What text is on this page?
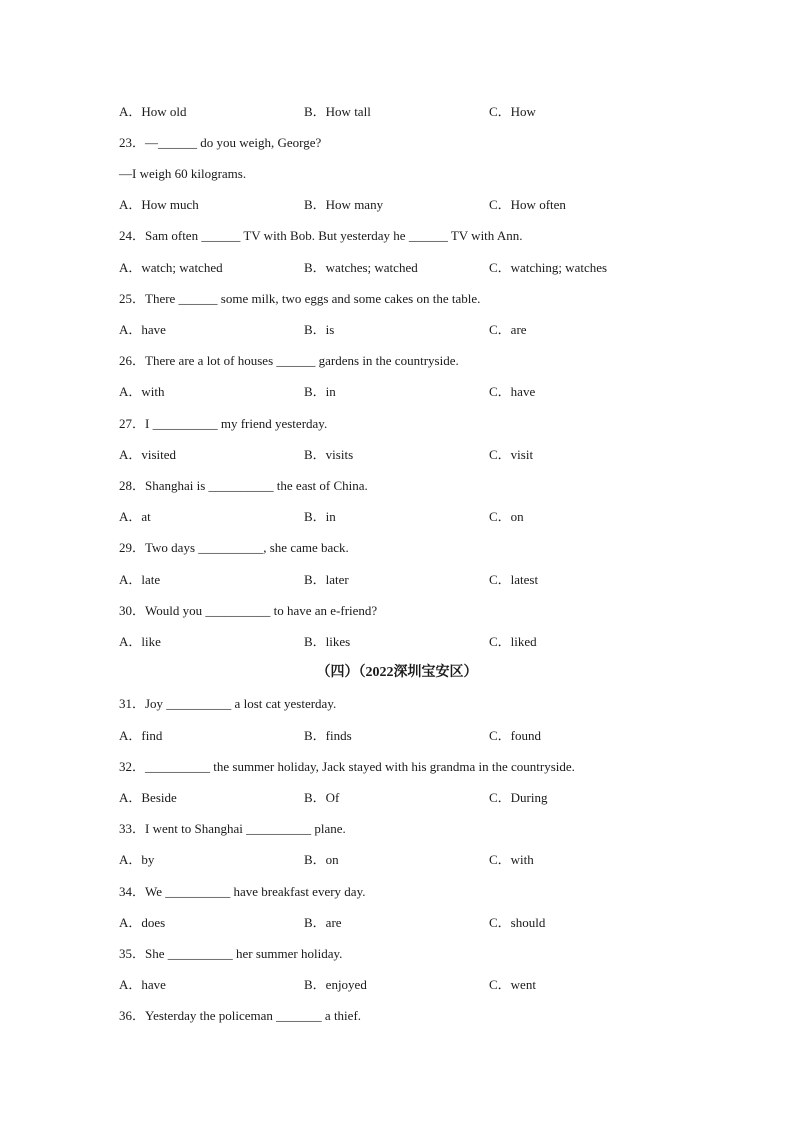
A．How old	B．How tall	C．How
23．—______ do you weigh, George?
—I weigh 60 kilograms.
A．How much	B．How many	C．How often
24．Sam often ______ TV with Bob. But yesterday he ______ TV with Ann.
A．watch; watched	B．watches; watched	C．watching; watches
25．There ______ some milk, two eggs and some cakes on the table.
A．have	B．is	C．are
26．There are a lot of houses ______ gardens in the countryside.
A．with	B．in	C．have
27．I __________ my friend yesterday.
A．visited	B．visits	C．visit
28．Shanghai is __________ the east of China.
A．at	B．in	C．on
29．Two days __________, she came back.
A．late	B．later	C．latest
30．Would you __________ to have an e-friend?
A．like	B．likes	C．liked
（四）（2022深圳宝安区）
31．Joy __________ a lost cat yesterday.
A．find	B．finds	C．found
32．__________ the summer holiday, Jack stayed with his grandma in the countryside.
A．Beside	B．Of	C．During
33．I went to Shanghai __________ plane.
A．by	B．on	C．with
34．We __________ have breakfast every day.
A．does	B．are	C．should
35．She __________ her summer holiday.
A．have	B．enjoyed	C．went
36．Yesterday the policeman _______ a thief.
